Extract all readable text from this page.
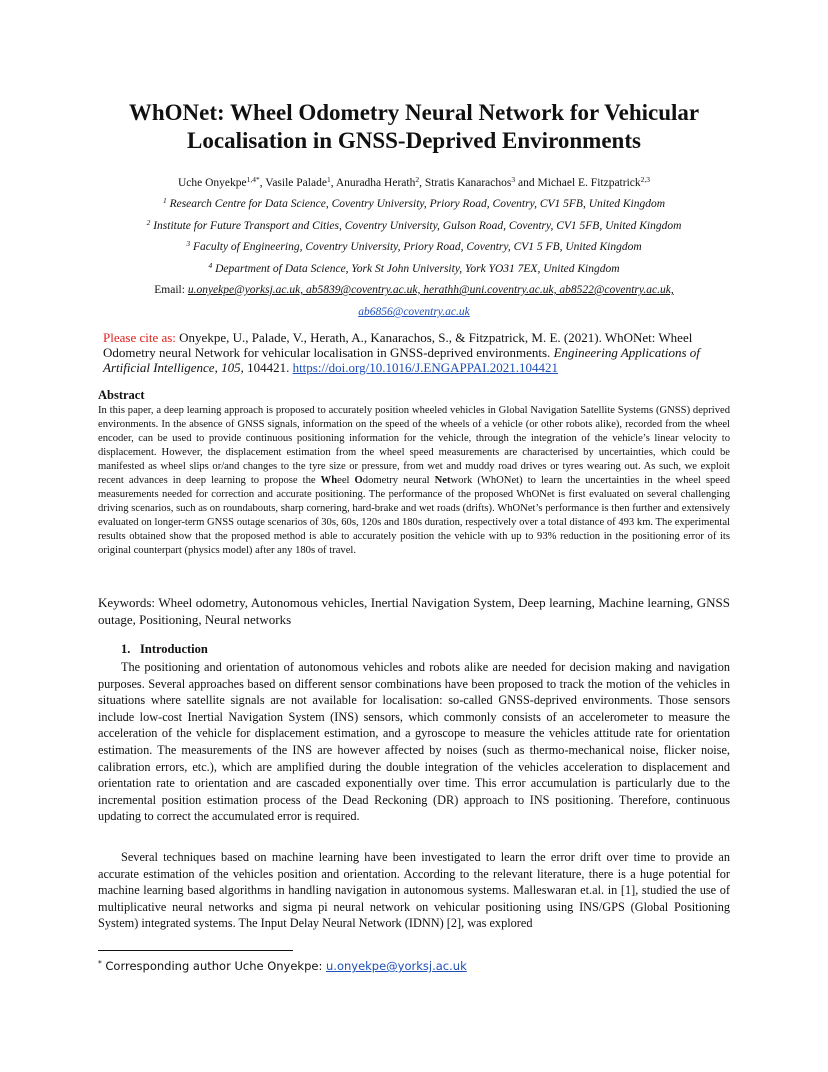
WhONet: Wheel Odometry Neural Network for Vehicular
Localisation in GNSS-Deprived Environments
Uche Onyekpe$^{1,4*}$, Vasile Palade$^1$, Anuradha Herath$^2$, Stratis Kanarachos$^3$ and Michael E. Fitzpatrick$^{2,3}$
$^1$ Research Centre for Data Science, Coventry University, Priory Road, Coventry, CV1 5FB, United Kingdom
$^2$ Institute for Future Transport and Cities, Coventry University, Gulson Road, Coventry, CV1 5FB, United Kingdom
$^3$ Faculty of Engineering, Coventry University, Priory Road, Coventry, CV1 5 FB, United Kingdom
$^4$ Department of Data Science, York St John University, York YO31 7EX, United Kingdom
Email: u.onyekpe@yorksj.ac.uk, ab5839@coventry.ac.uk, herathh@uni.coventry.ac.uk, ab8522@coventry.ac.uk,
ab6856@coventry.ac.uk
Please cite as: Onyekpe, U., Palade, V., Herath, A., Kanarachos, S., & Fitzpatrick, M. E. (2021). WhONet: Wheel Odometry neural Network for vehicular localisation in GNSS-deprived environments. Engineering Applications of Artificial Intelligence, 105, 104421. https://doi.org/10.1016/J.ENGAPPAI.2021.104421
Abstract
In this paper, a deep learning approach is proposed to accurately position wheeled vehicles in Global Navigation Satellite Systems (GNSS) deprived environments. In the absence of GNSS signals, information on the speed of the wheels of a vehicle (or other robots alike), recorded from the wheel encoder, can be used to provide continuous positioning information for the vehicle, through the integration of the vehicle’s linear velocity to displacement. However, the displacement estimation from the wheel speed measurements are characterised by uncertainties, which could be manifested as wheel slips or/and changes to the tyre size or pressure, from wet and muddy road drives or tyres wearing out. As such, we exploit recent advances in deep learning to propose the Wheel Odometry neural Network (WhONet) to learn the uncertainties in the wheel speed measurements needed for correction and accurate positioning. The performance of the proposed WhONet is first evaluated on several challenging driving scenarios, such as on roundabouts, sharp cornering, hard-brake and wet roads (drifts). WhONet’s performance is then further and extensively evaluated on longer-term GNSS outage scenarios of 30s, 60s, 120s and 180s duration, respectively over a total distance of 493 km. The experimental results obtained show that the proposed method is able to accurately position the vehicle with up to 93% reduction in the positioning error of its original counterpart (physics model) after any 180s of travel.
Keywords: Wheel odometry, Autonomous vehicles, Inertial Navigation System, Deep learning, Machine learning, GNSS outage, Positioning, Neural networks
1. Introduction
The positioning and orientation of autonomous vehicles and robots alike are needed for decision making and navigation purposes. Several approaches based on different sensor combinations have been proposed to track the motion of the vehicles in situations where satellite signals are not available for localisation: so-called GNSS-deprived environments. Those sensors include low-cost Inertial Navigation System (INS) sensors, which commonly consists of an accelerometer to measure the acceleration of the vehicle for displacement estimation, and a gyroscope to measure the vehicles attitude rate for orientation estimation. The measurements of the INS are however affected by noises (such as thermo-mechanical noise, flicker noise, calibration errors, etc.), which are amplified during the double integration of the vehicles acceleration to displacement and orientation rate to orientation and are cascaded exponentially over time. This error accumulation is particularly due to the incremental position estimation process of the Dead Reckoning (DR) approach to INS positioning. Therefore, continuous updating to correct the accumulated error is required.
Several techniques based on machine learning have been investigated to learn the error drift over time to provide an accurate estimation of the vehicles position and orientation. According to the relevant literature, there is a huge potential for machine learning based algorithms in handling navigation in autonomous systems. Malleswaran et.al. in [1], studied the use of multiplicative neural networks and sigma pi neural network on vehicular positioning using INS/GPS (Global Positioning System) integrated systems. The Input Delay Neural Network (IDNN) [2], was explored
* Corresponding author Uche Onyekpe: u.onyekpe@yorksj.ac.uk
